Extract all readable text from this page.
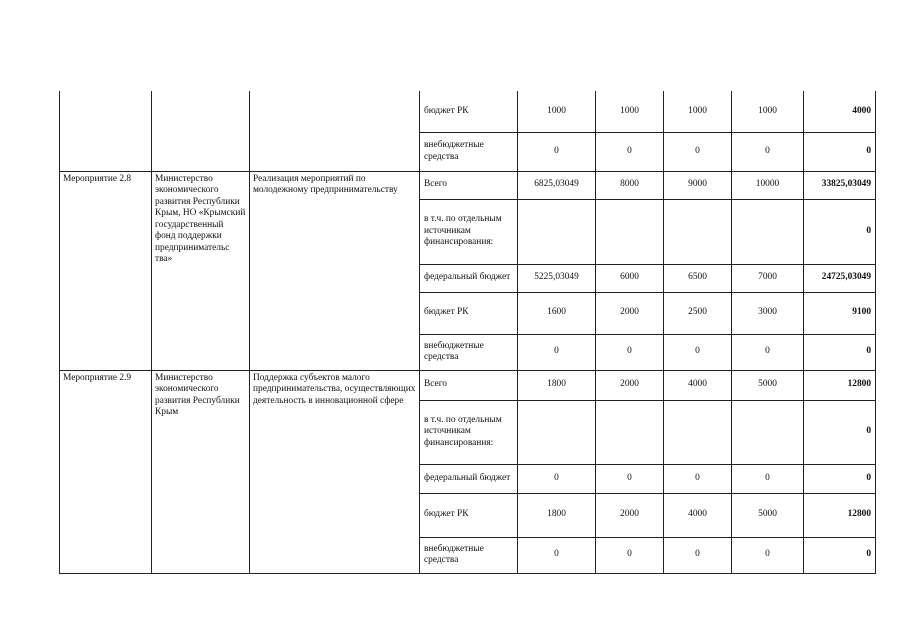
			бюджет РК	1000	1000	1000	1000	4000
			внебюджетные средства	0	0	0	0	0
Мероприятие 2.8	Министерство экономического развития Республики Крым, НО «Крымский государственный фонд поддержки предпринимательс тва»	Реализация мероприятий по молодежному предпринимательству	Всего	6825,03049	8000	9000	10000	33825,03049
			в т.ч. по отдельным источникам финансирования:					0
			федеральный бюджет	5225,03049	6000	6500	7000	24725,03049
			бюджет РК	1600	2000	2500	3000	9100
			внебюджетные средства	0	0	0	0	0
Мероприятие 2.9	Министерство экономического развития Республики Крым	Поддержка субъектов малого предпринимательства, осуществляющих деятельность в инновационной сфере	Всего	1800	2000	4000	5000	12800
			в т.ч. по отдельным источникам финансирования:					0
			федеральный бюджет	0	0	0	0	0
			бюджет РК	1800	2000	4000	5000	12800
			внебюджетные средства	0	0	0	0	0
